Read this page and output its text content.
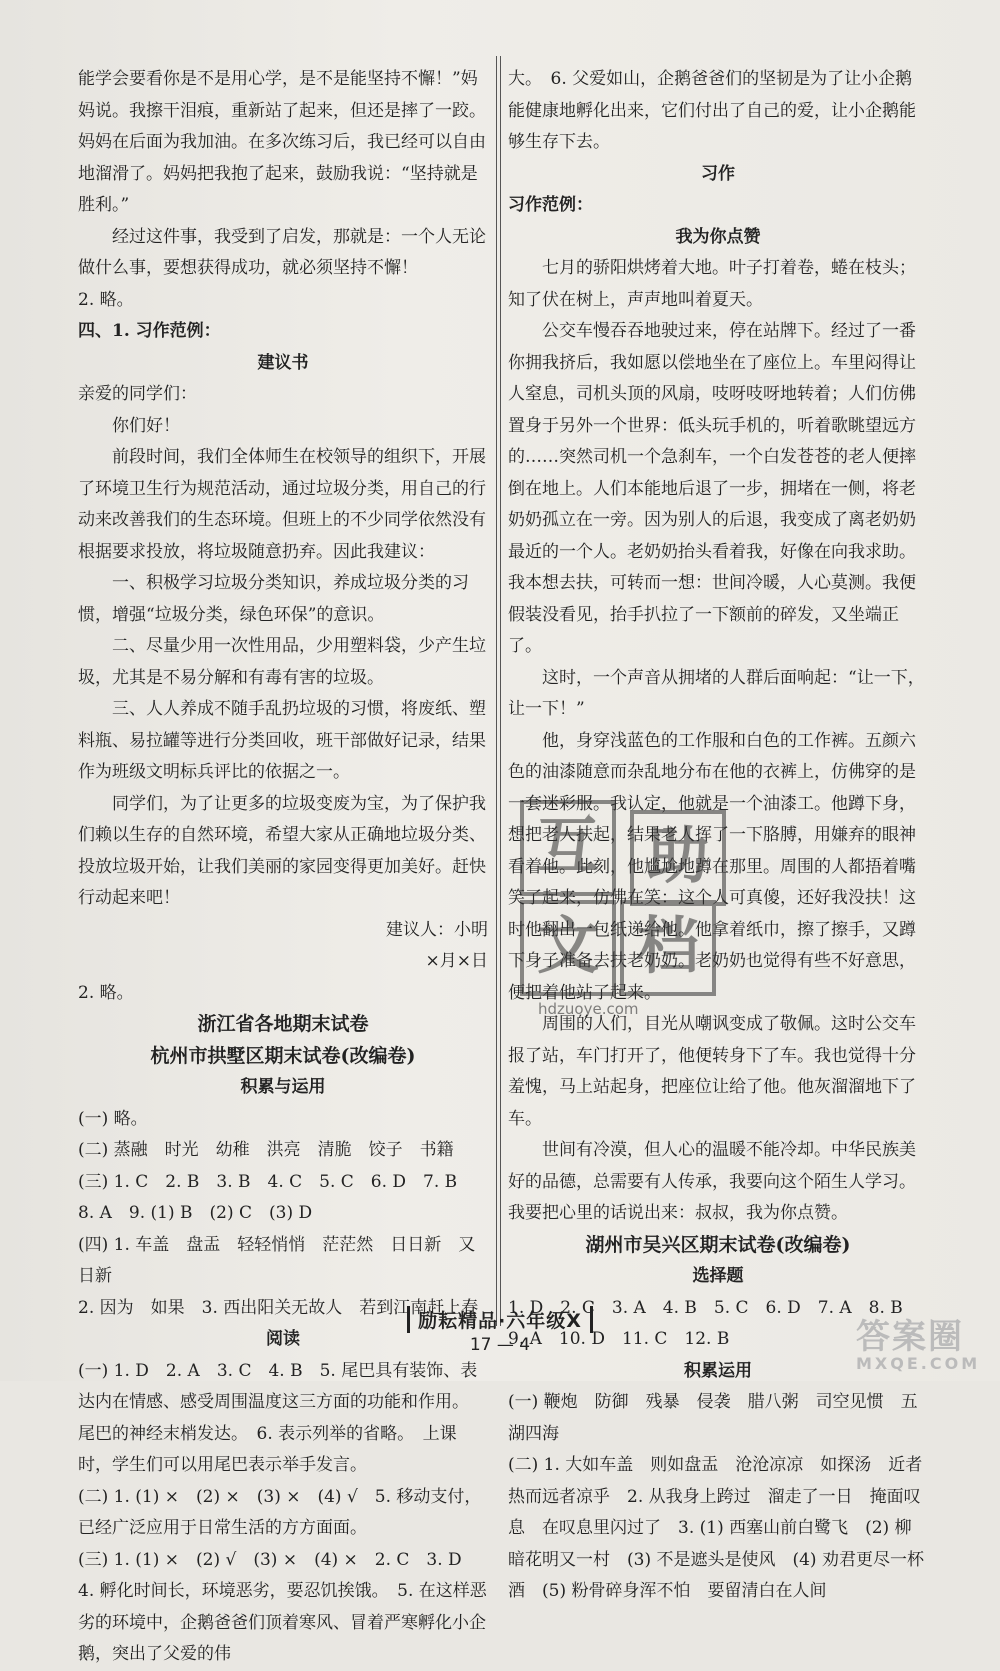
能学会要看你是不是用心学，是不是能坚持不懈！”妈妈说。我擦干泪痕，重新站了起来，但还是摔了一跤。妈妈在后面为我加油。在多次练习后，我已经可以自由地溜滑了。妈妈把我抱了起来，鼓励我说：“坚持就是胜利。”

经过这件事，我受到了启发，那就是：一个人无论做什么事，要想获得成功，就必须坚持不懈！

2. 略。

四、1. 习作范例：

建议书

亲爱的同学们：

你们好！

前段时间，我们全体师生在校领导的组织下，开展了环境卫生行为规范活动，通过垃圾分类，用自己的行动来改善我们的生态环境。但班上的不少同学依然没有根据要求投放，将垃圾随意扔弃。因此我建议：

一、积极学习垃圾分类知识，养成垃圾分类的习惯，增强“垃圾分类，绿色环保”的意识。

二、尽量少用一次性用品，少用塑料袋，少产生垃圾，尤其是不易分解和有毒有害的垃圾。

三、人人养成不随手乱扔垃圾的习惯，将废纸、塑料瓶、易拉罐等进行分类回收，班干部做好记录，结果作为班级文明标兵评比的依据之一。

同学们，为了让更多的垃圾变废为宝，为了保护我们赖以生存的自然环境，希望大家从正确地垃圾分类、投放垃圾开始，让我们美丽的家园变得更加美好。赶快行动起来吧！

建议人：小明

×月×日

2. 略。

浙江省各地期末试卷

杭州市拱墅区期末试卷(改编卷)

积累与运用

(一) 略。

(二) 蒸融　时光　幼稚　洪亮　清脆　饺子　书籍

(三) 1. C　2. B　3. B　4. C　5. C　6. D　7. B　8. A　9. (1) B　(2) C　(3) D

(四) 1. 车盖　盘盂　轻轻悄悄　茫茫然　日日新　又日新

2. 因为　如果　3. 西出阳关无故人　若到江南赶上春

阅读

(一) 1. D　2. A　3. C　4. B　5. 尾巴具有装饰、表达内在情感、感受周围温度这三方面的功能和作用。　尾巴的神经末梢发达。　6. 表示列举的省略。　上课时，学生们可以用尾巴表示举手发言。

(二) 1. (1) ×　(2) ×　(3) ×　(4) √　5. 移动支付，已经广泛应用于日常生活的方方面面。

(三) 1. (1) ×　(2) √　(3) ×　(4) ×　2. C　3. D　4. 孵化时间长，环境恶劣，要忍饥挨饿。　5. 在这样恶劣的环境中，企鹅爸爸们顶着寒风、冒着严寒孵化小企鹅，突出了父爱的伟

大。　6. 父爱如山，企鹅爸爸们的坚韧是为了让小企鹅能健康地孵化出来，它们付出了自己的爱，让小企鹅能够生存下去。

习作

习作范例：

我为你点赞

七月的骄阳烘烤着大地。叶子打着卷，蜷在枝头；知了伏在树上，声声地叫着夏天。

公交车慢吞吞地驶过来，停在站牌下。经过了一番你拥我挤后，我如愿以偿地坐在了座位上。车里闷得让人窒息，司机头顶的风扇，吱呀吱呀地转着；人们仿佛置身于另外一个世界：低头玩手机的，听着歌眺望远方的……突然司机一个急刹车，一个白发苍苍的老人便摔倒在地上。人们本能地后退了一步，拥堵在一侧，将老奶奶孤立在一旁。因为别人的后退，我变成了离老奶奶最近的一个人。老奶奶抬头看着我，好像在向我求助。我本想去扶，可转而一想：世间冷暖，人心莫测。我便假装没看见，抬手扒拉了一下额前的碎发，又坐端正了。

这时，一个声音从拥堵的人群后面响起：“让一下，让一下！”

他，身穿浅蓝色的工作服和白色的工作裤。五颜六色的油漆随意而杂乱地分布在他的衣裤上，仿佛穿的是一套迷彩服。我认定，他就是一个油漆工。他蹲下身，想把老人扶起，结果老人挥了一下胳膊，用嫌弃的眼神看着他。此刻，他尴尬地蹲在那里。周围的人都捂着嘴笑了起来，仿佛在笑：这个人可真傻，还好我没扶！这时他翻出一包纸递给他。他拿着纸巾，擦了擦手，又蹲下身子准备去扶老奶奶。老奶奶也觉得有些不好意思，便把着他站了起来。

周围的人们，目光从嘲讽变成了敬佩。这时公交车报了站，车门打开了，他便转身下了车。我也觉得十分羞愧，马上站起身，把座位让给了他。他灰溜溜地下了车。

世间有冷漠，但人心的温暖不能冷却。中华民族美好的品德，总需要有人传承，我要向这个陌生人学习。我要把心里的话说出来：叔叔，我为你点赞。

湖州市吴兴区期末试卷(改编卷)

选择题

1. D　2. C　3. A　4. B　5. C　6. D　7. A　8. B　9. A　10. D　11. C　12. B

积累运用

(一) 鞭炮　防御　残暴　侵袭　腊八粥　司空见惯　五湖四海

(二) 1. 大如车盖　则如盘盂　沧沧凉凉　如探汤　近者热而远者凉乎　2. 从我身上跨过　溜走了一日　掩面叹息　在叹息里闪过了　3. (1) 西塞山前白鹭飞　(2) 柳暗花明又一村　(3) 不是遮头是使风　(4) 劝君更尽一杯酒　(5) 粉骨碎身浑不怕　要留清白在人间

互 助
文 档
hdzuoye.com
励耘精品·六年级X
17 — 4	答案圈
MXQE.COM
